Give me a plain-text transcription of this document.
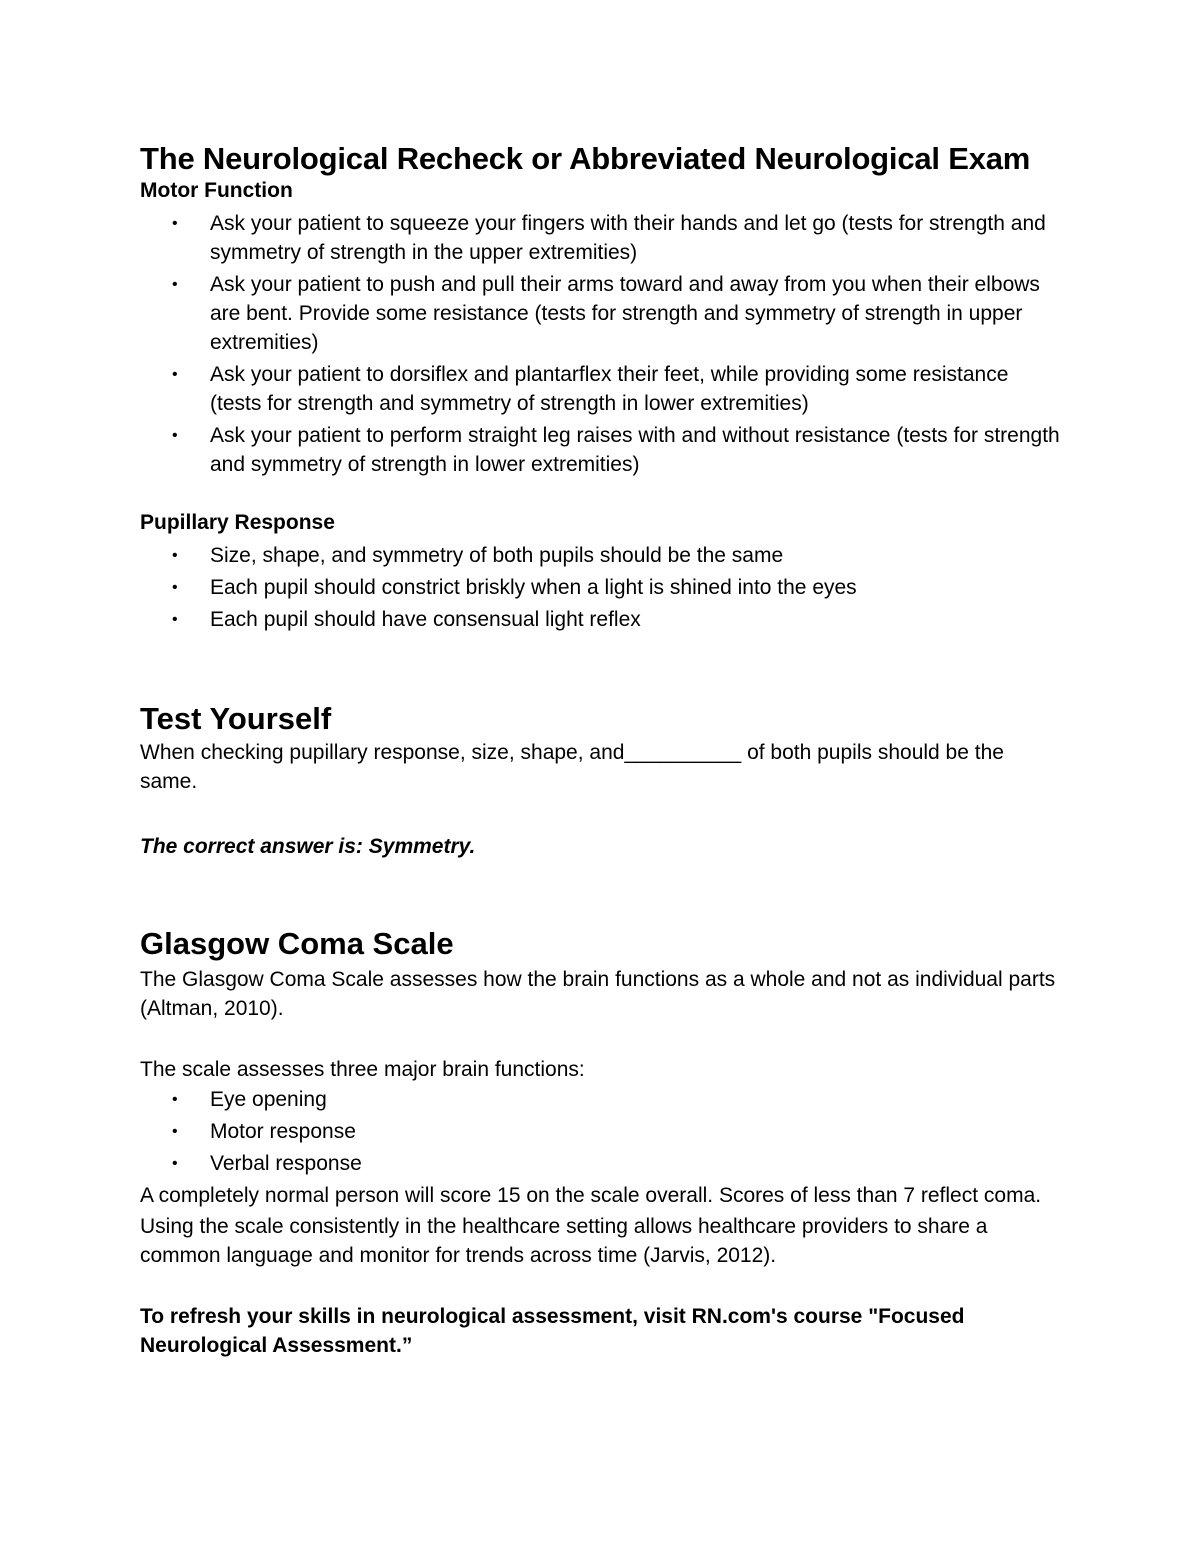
The Neurological Recheck or Abbreviated Neurological Exam
Motor Function
• Ask your patient to squeeze your fingers with their hands and let go (tests for strength and symmetry of strength in the upper extremities)
• Ask your patient to push and pull their arms toward and away from you when their elbows are bent. Provide some resistance (tests for strength and symmetry of strength in upper extremities)
• Ask your patient to dorsiflex and plantarflex their feet, while providing some resistance (tests for strength and symmetry of strength in lower extremities)
• Ask your patient to perform straight leg raises with and without resistance (tests for strength and symmetry of strength in lower extremities)
Pupillary Response
• Size, shape, and symmetry of both pupils should be the same
• Each pupil should constrict briskly when a light is shined into the eyes
• Each pupil should have consensual light reflex
Test Yourself

When checking pupillary response, size, shape, and__________ of both pupils should be the same.

The correct answer is: Symmetry.

Glasgow Coma Scale

The Glasgow Coma Scale assesses how the brain functions as a whole and not as individual parts (Altman, 2010).

The scale assesses three major brain functions:

• Eye opening
• Motor response
• Verbal response

A completely normal person will score 15 on the scale overall. Scores of less than 7 reflect coma.

Using the scale consistently in the healthcare setting allows healthcare providers to share a common language and monitor for trends across time (Jarvis, 2012).

To refresh your skills in neurological assessment, visit RN.com's course "Focused Neurological Assessment.”
